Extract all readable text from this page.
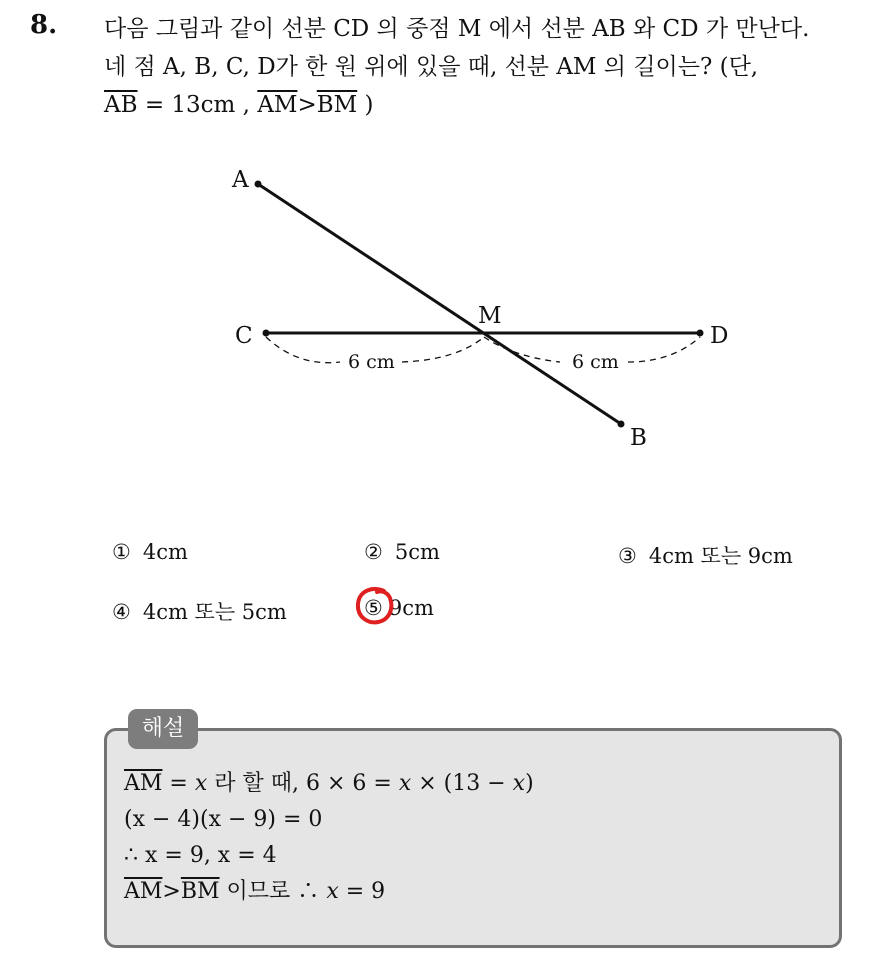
8. 다음 그림과 같이 선분 CD 의 중점 M 에서 선분 AB 와 CD 가 만난다.
네 점 A, B, C, D가 한 원 위에 있을 때, 선분 AM 의 길이는? (단,
$\overline{AB} = 13cm$ , $\overline{AM}>\overline{BM}$ )
A
B
C	D
M
6 cm	6 cm
① 4cm	② 5cm	③ 4cm 또는 9cm
④ 4cm 또는 5cm	⑤ 9cm
해설
$\overline{AM} = x$ 라 할 때, 6 × 6 = x × (13 − x)
(x − 4)(x − 9) = 0
∴ x = 9, x = 4
$\overline{AM}>\overline{BM}$ 이므로 ∴ x = 9
